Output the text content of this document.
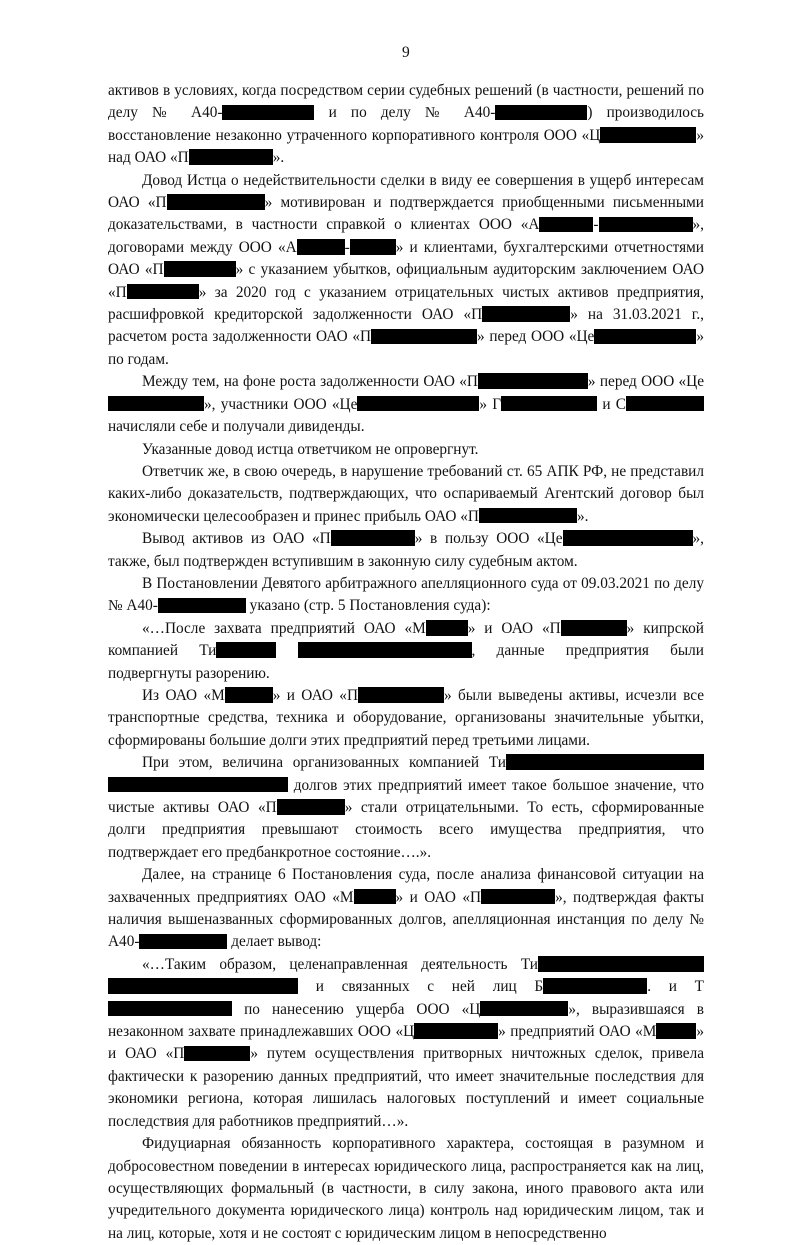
9

активов в условиях, когда посредством серии судебных решений (в частности, решений по делу № А40-	и по делу № А40-	) производилось восстановление незаконно утраченного корпоративного контроля ООО «Ц	» над ОАО «П	».

Довод Истца о недействительности сделки в виду ее совершения в ущерб интересам ОАО «П	» мотивирован и подтверждается приобщенными письменными доказательствами, в частности справкой о клиентах ООО «А	-	», договорами между ООО «А	-	» и клиентами, бухгалтерскими отчетностями ОАО «П	» с указанием убытков, официальным аудиторским заключением ОАО «П	» за 2020 год с указанием отрицательных чистых активов предприятия, расшифровкой кредиторской задолженности ОАО «П	» на 31.03.2021 г., расчетом роста задолженности ОАО «П	» перед ООО «Це	» по годам.

Между тем, на фоне роста задолженности ОАО «П	» перед ООО «Це», участники ООО «Це	» Г	и С начисляли себе и получали дивиденды.

Указанные довод истца ответчиком не опровергнут.

Ответчик же, в свою очередь, в нарушение требований ст. 65 АПК РФ, не представил каких-либо доказательств, подтверждающих, что оспариваемый Агентский договор был экономически целесообразен и принес прибыль ОАО «П	».

Вывод активов из ОАО «П	» в пользу ООО «Це	», также, был подтвержден вступившим в законную силу судебным актом.

В Постановлении Девятого арбитражного апелляционного суда от 09.03.2021 по делу № А40-	указано (стр. 5 Постановления суда):

«…После захвата предприятий ОАО «М	» и ОАО «П	» кипрской компанией Ти	, данные предприятия были подвергнуты разорению.

Из ОАО «М	» и ОАО «П	» были выведены активы, исчезли все транспортные средства, техника и оборудование, организованы значительные убытки, сформированы большие долги этих предприятий перед третьими лицами.

При этом, величина организованных компанией Ти  долгов этих предприятий имеет такое большое значение, что чистые активы ОАО «П	» стали отрицательными. То есть, сформированные долги предприятия превышают стоимость всего имущества предприятия, что подтверждает его предбанкротное состояние….».

Далее, на странице 6 Постановления суда, после анализа финансовой ситуации на захваченных предприятиях ОАО «М	» и ОАО «П	», подтверждая факты наличия вышеназванных сформированных долгов, апелляционная инстанция по делу № А40-	делает вывод:

«…Таким образом, целенаправленная деятельность Ти  и связанных с ней лиц Б	. и Т по нанесению ущерба ООО «Ц	», выразившаяся в незаконном захвате принадлежавших ООО «Ц	» предприятий ОАО «М	» и ОАО «П	» путем осуществления притворных ничтожных сделок, привела фактически к разорению данных предприятий, что имеет значительные последствия для экономики региона, которая лишилась налоговых поступлений и имеет социальные последствия для работников предприятий…».

Фидуциарная обязанность корпоративного характера, состоящая в разумном и добросовестном поведении в интересах юридического лица, распространяется как на лиц, осуществляющих формальный (в частности, в силу закона, иного правового акта или учредительного документа юридического лица) контроль над юридическим лицом, так и на лиц, которые, хотя и не состоят с юридическим лицом в непосредственно
